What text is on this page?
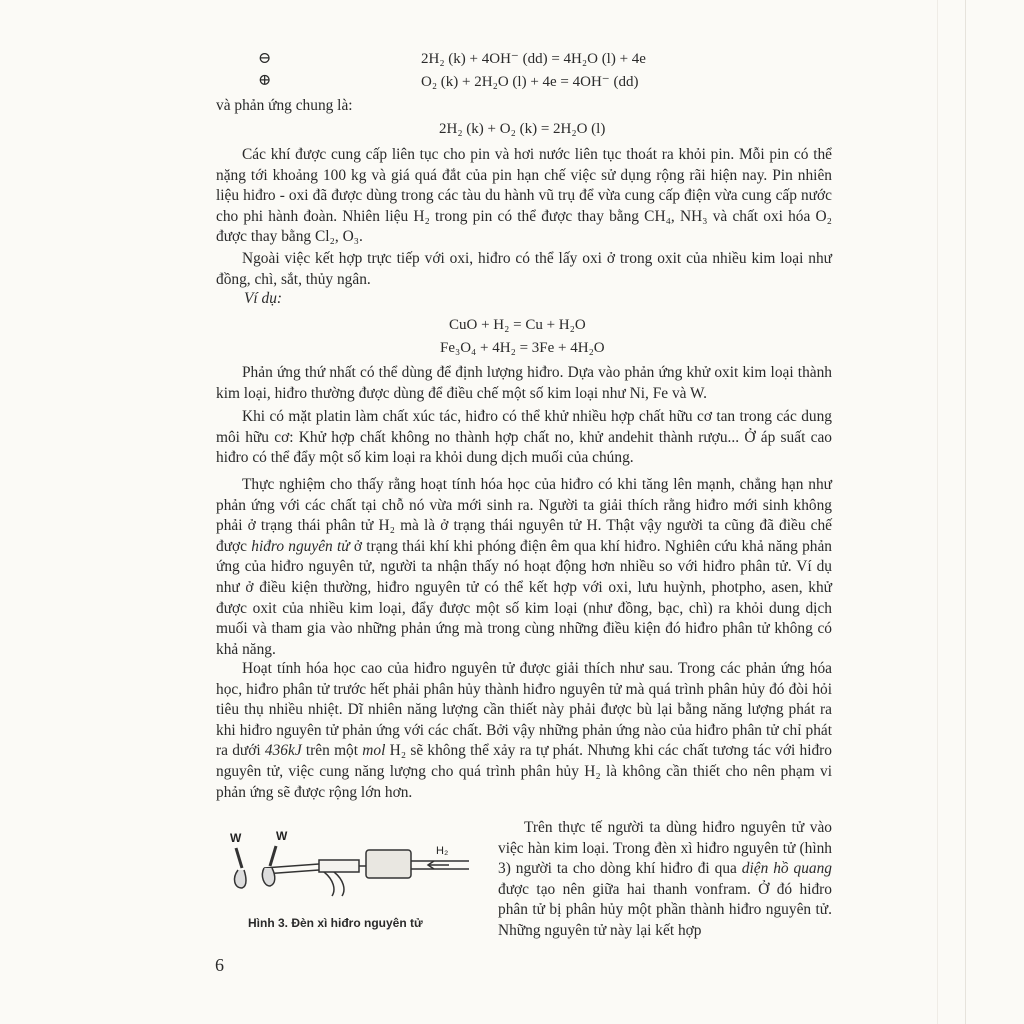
⊖	2H₂ (k) + 4OH⁻ (dd) = 4H₂O (l) + 4e
⊕	O₂ (k) + 2H₂O (l) + 4e = 4OH⁻ (dd)
và phản ứng chung là:
2H₂ (k) + O₂ (k) = 2H₂O (l)
Các khí được cung cấp liên tục cho pin và hơi nước liên tục thoát ra khỏi pin. Mỗi pin có thể nặng tới khoảng 100 kg và giá quá đắt của pin hạn chế việc sử dụng rộng rãi hiện nay. Pin nhiên liệu hiđro - oxi đã được dùng trong các tàu du hành vũ trụ để vừa cung cấp điện vừa cung cấp nước cho phi hành đoàn. Nhiên liệu H₂ trong pin có thể được thay bằng CH₄, NH₃ và chất oxi hóa O₂ được thay bằng Cl₂, O₃.
Ngoài việc kết hợp trực tiếp với oxi, hiđro có thể lấy oxi ở trong oxit của nhiều kim loại như đồng, chì, sắt, thủy ngân.
Ví dụ:
CuO + H₂ = Cu + H₂O
Fe₃O₄ + 4H₂ = 3Fe + 4H₂O
Phản ứng thứ nhất có thể dùng để định lượng hiđro. Dựa vào phản ứng khử oxit kim loại thành kim loại, hiđro thường được dùng để điều chế một số kim loại như Ni, Fe và W.
Khi có mặt platin làm chất xúc tác, hiđro có thể khử nhiều hợp chất hữu cơ tan trong các dung môi hữu cơ: Khử hợp chất không no thành hợp chất no, khử andehit thành rượu... Ở áp suất cao hiđro có thể đẩy một số kim loại ra khỏi dung dịch muối của chúng.
Thực nghiệm cho thấy rằng hoạt tính hóa học của hiđro có khi tăng lên mạnh, chẳng hạn như phản ứng với các chất tại chỗ nó vừa mới sinh ra. Người ta giải thích rằng hiđro mới sinh không phải ở trạng thái phân tử H₂ mà là ở trạng thái nguyên tử H. Thật vậy người ta cũng đã điều chế được hiđro nguyên tử ở trạng thái khí khi phóng điện êm qua khí hiđro. Nghiên cứu khả năng phản ứng của hiđro nguyên tử, người ta nhận thấy nó hoạt động hơn nhiều so với hiđro phân tử. Ví dụ như ở điều kiện thường, hiđro nguyên tử có thể kết hợp với oxi, lưu huỳnh, photpho, asen, khử được oxit của nhiều kim loại, đẩy được một số kim loại (như đồng, bạc, chì) ra khỏi dung dịch muối và tham gia vào những phản ứng mà trong cùng những điều kiện đó hiđro phân tử không có khả năng.
Hoạt tính hóa học cao của hiđro nguyên tử được giải thích như sau. Trong các phản ứng hóa học, hiđro phân tử trước hết phải phân hủy thành hiđro nguyên tử mà quá trình phân hủy đó đòi hỏi tiêu thụ nhiều nhiệt. Dĩ nhiên năng lượng cần thiết này phải được bù lại bằng năng lượng phát ra khi hiđro nguyên tử phản ứng với các chất. Bởi vậy những phản ứng nào của hiđro phân tử chỉ phát ra dưới 436kJ trên một mol H₂ sẽ không thể xảy ra tự phát. Nhưng khi các chất tương tác với hiđro nguyên tử, việc cung năng lượng cho quá trình phân hủy H₂ là không cần thiết cho nên phạm vi phản ứng sẽ được rộng lớn hơn.
W	W
H₂
Hình 3. Đèn xì hiđro nguyên tử
Trên thực tế người ta dùng hiđro nguyên tử vào việc hàn kim loại. Trong đèn xì hiđro nguyên tử (hình 3) người ta cho dòng khí hiđro đi qua diện hồ quang được tạo nên giữa hai thanh vonfram. Ở đó hiđro phân tử bị phân hủy một phần thành hiđro nguyên tử. Những nguyên tử này lại kết hợp
6
